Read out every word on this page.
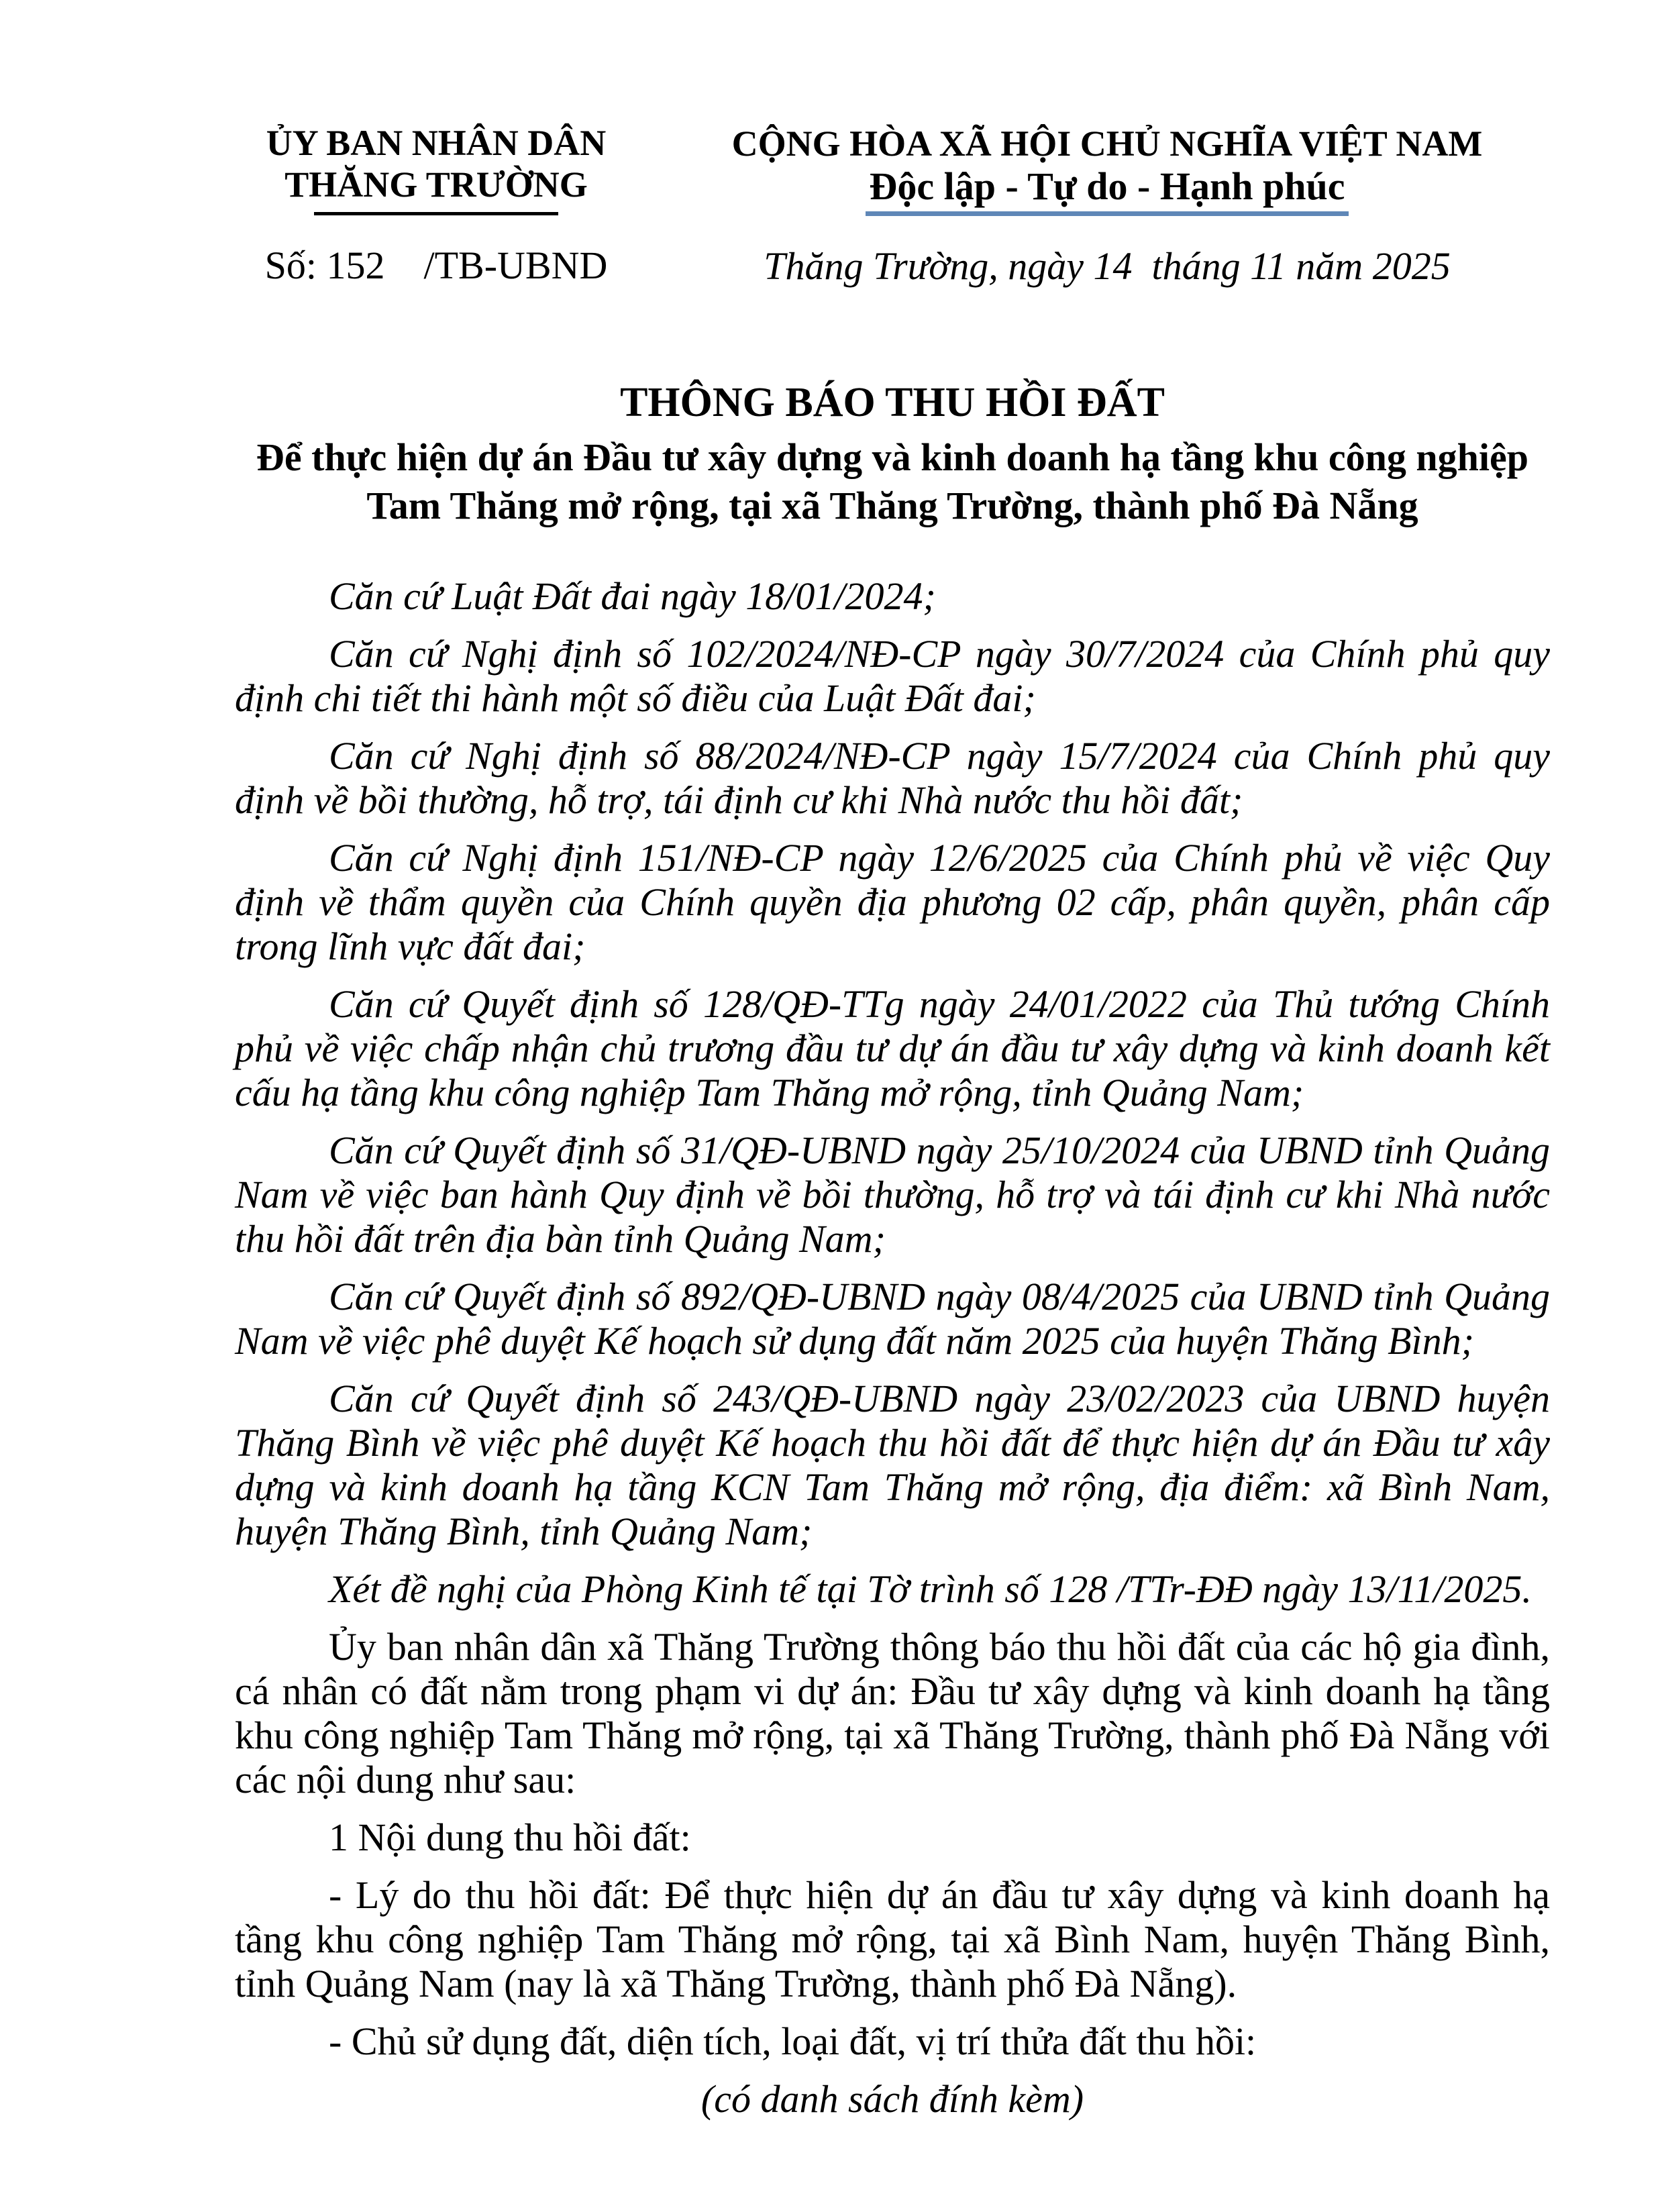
ỦY BAN NHÂN DÂN
THĂNG TRƯỜNG
Số: 152    /TB-UBND
CỘNG HÒA XÃ HỘI CHỦ NGHĨA VIỆT NAM
Độc lập - Tự do - Hạnh phúc
Thăng Trường, ngày 14  tháng 11 năm 2025
THÔNG BÁO THU HỒI ĐẤT
Để thực hiện dự án Đầu tư xây dựng và kinh doanh hạ tầng khu công nghiệp
Tam Thăng mở rộng, tại xã Thăng Trường, thành phố Đà Nẵng

Căn cứ Luật Đất đai ngày 18/01/2024;

Căn cứ Nghị định số 102/2024/NĐ-CP ngày 30/7/2024 của Chính phủ quy định chi tiết thi hành một số điều của Luật Đất đai;

Căn cứ Nghị định số 88/2024/NĐ-CP ngày 15/7/2024 của Chính phủ quy định về bồi thường, hỗ trợ, tái định cư khi Nhà nước thu hồi đất;

Căn cứ Nghị định 151/NĐ-CP ngày 12/6/2025 của Chính phủ về việc Quy định về thẩm quyền của Chính quyền địa phương 02 cấp, phân quyền, phân cấp trong lĩnh vực đất đai;

Căn cứ Quyết định số 128/QĐ-TTg ngày 24/01/2022 của Thủ tướng Chính phủ về việc chấp nhận chủ trương đầu tư dự án đầu tư xây dựng và kinh doanh kết cấu hạ tầng khu công nghiệp Tam Thăng mở rộng, tỉnh Quảng Nam;

Căn cứ Quyết định số 31/QĐ-UBND ngày 25/10/2024 của UBND tỉnh Quảng Nam về việc ban hành Quy định về bồi thường, hỗ trợ và tái định cư khi Nhà nước thu hồi đất trên địa bàn tỉnh Quảng Nam;

Căn cứ Quyết định số 892/QĐ-UBND ngày 08/4/2025 của UBND tỉnh Quảng Nam về việc phê duyệt Kế hoạch sử dụng đất năm 2025 của huyện Thăng Bình;

Căn cứ Quyết định số 243/QĐ-UBND ngày 23/02/2023 của UBND huyện Thăng Bình về việc phê duyệt Kế hoạch thu hồi đất để thực hiện dự án Đầu tư xây dựng và kinh doanh hạ tầng KCN Tam Thăng mở rộng, địa điểm: xã Bình Nam, huyện Thăng Bình, tỉnh Quảng Nam;

Xét đề nghị của Phòng Kinh tế tại Tờ trình số 128 /TTr-ĐĐ ngày 13/11/2025.

Ủy ban nhân dân xã Thăng Trường thông báo thu hồi đất của các hộ gia đình, cá nhân có đất nằm trong phạm vi dự án: Đầu tư xây dựng và kinh doanh hạ tầng khu công nghiệp Tam Thăng mở rộng, tại xã Thăng Trường, thành phố Đà Nẵng với các nội dung như sau:

1 Nội dung thu hồi đất:

- Lý do thu hồi đất: Để thực hiện dự án đầu tư xây dựng và kinh doanh hạ tầng khu công nghiệp Tam Thăng mở rộng, tại xã Bình Nam, huyện Thăng Bình, tỉnh Quảng Nam (nay là xã Thăng Trường, thành phố Đà Nẵng).

- Chủ sử dụng đất, diện tích, loại đất, vị trí thửa đất thu hồi:

(có danh sách đính kèm)
